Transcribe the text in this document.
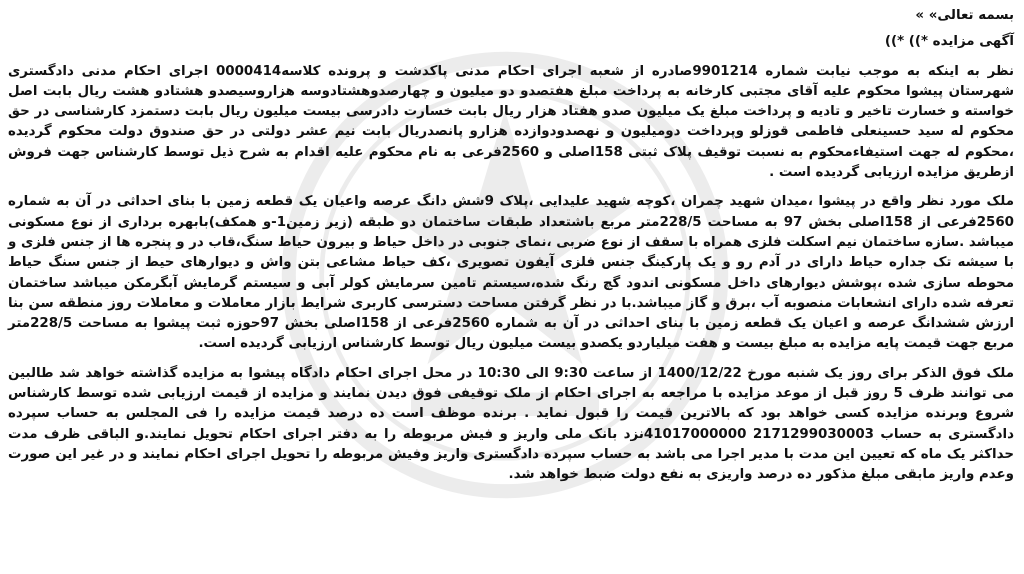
بسمه تعالی» »

آگهی مزایده *)) *))

نظر به اینکه به موجب نیابت شماره 9901214صادره از شعبه اجرای احکام مدنی پاکدشت و پرونده کلاسه0000414 اجرای احکام مدنی دادگستری شهرستان پیشوا محکوم علیه آقای مجتبی کارخانه به پرداخت مبلغ هفتصدو دو میلیون و چهارصدوهشتادوسه هزاروسیصدو هشتادو هشت ریال بابت اصل خواسته و خسارت تاخیر و تادیه و پرداخت مبلغ یک میلیون صدو هفتاد هزار ریال بابت خسارت دادرسی بیست میلیون ریال بابت دستمزد کارشناسی در حق محکوم له سید حسینعلی فاطمی قوزلو وپرداخت دومیلیون و نهصدودوازده هزارو پانصدریال بابت نیم عشر دولتی در حق صندوق دولت محکوم گردیده ،محکوم له جهت استیفاءمحکوم به نسبت توقیف پلاک ثبتی 158اصلی و 2560فرعی به نام محکوم علیه اقدام به شرح ذیل توسط کارشناس جهت فروش ازطریق مزایده ارزیابی گردیده است .

ملک مورد نظر واقع در پیشوا ،میدان شهید چمران ،کوچه شهید علیدایی ،پلاک 9شش دانگ عرصه واعیان یک قطعه زمین با بنای احداثی در آن به شماره 2560فرعی از 158اصلی بخش 97 به مساحت 228/5متر مربع باشتعداد طبقات ساختمان دو طبقه (زیر زمین1-و همکف)بابهره برداری از نوع مسکونی میباشد .سازه ساختمان نیم اسکلت فلزی همراه با سقف از نوع ضربی ،نمای جنوبی در داخل حیاط و بیرون حیاط سنگ،قاب در و پنجره ها از جنس فلزی و با سیشه تک جداره حیاط دارای در آدم رو و یک پارکینگ جنس فلزی آیفون تصویری ،کف حیاط مشاعی بتن واش و دیوارهای حیط از جنس سنگ حیاط محوطه سازی شده ،پوشش دیوارهای داخل مسکونی اندود گچ رنگ شده،سیستم تامین سرمایش کولر آبی و سیستم گرمایش آبگرمکن میباشد ساختمان تعرفه شده دارای انشعابات منصوبه آب ،برق و گاز میباشد.با در نظر گرفتن مساحت دسترسی کاربری شرایط بازار معاملات و معاملات روز منطقه سن بنا ارزش ششدانگ عرصه و اعیان یک قطعه زمین با بنای احداثی در آن به شماره 2560فرعی از 158اصلی بخش 97حوزه ثبت پیشوا به مساحت 228/5متر مربع جهت قیمت پایه مزایده به مبلغ بیست و هفت میلیاردو یکصدو بیست میلیون ریال توسط کارشناس ارزیابی گردیده است.

ملک فوق الذکر برای روز یک شنبه مورخ 1400/12/22 از ساعت 9:30 الی 10:30 در محل اجرای احکام دادگاه پیشوا به مزایده گذاشته خواهد شد طالبین می توانند ظرف 5 روز قبل از موعد مزایده با مراجعه به اجرای احکام از ملک توقیفی فوق دیدن نمایند و مزایده از قیمت ارزیابی شده توسط کارشناس شروع وبرنده مزایده کسی خواهد بود که بالاترین قیمت را قبول نماید . برنده موظف است ده درصد قیمت مزایده را فی المجلس به حساب سپرده دادگستری به حساب 2171299030003 41017000000نزد بانک ملی واریز و فیش مربوطه را به دفتر اجرای احکام تحویل نمایند.و الباقی ظرف مدت حداکثر یک ماه که تعیین این مدت با مدیر اجرا می باشد به حساب سپرده دادگستری واریز وفیش مربوطه را تحویل اجرای احکام نمایند و در غیر این صورت وعدم واریز مابقی مبلغ مذکور ده درصد واریزی به نفع دولت ضبط خواهد شد.
